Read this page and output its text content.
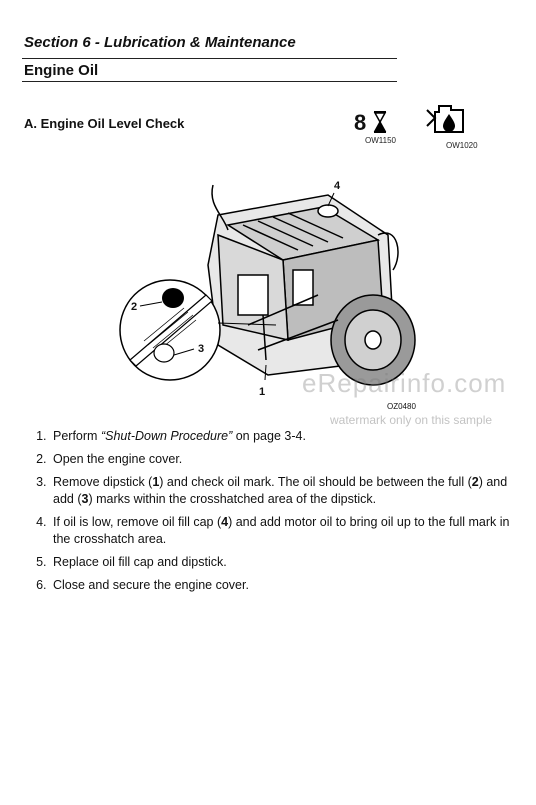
Section 6 - Lubrication & Maintenance
Engine Oil
A. Engine Oil Level Check	8
OW1150
OW1020
4
2
3
1
OZ0480
eRepairinfo.com
watermark only on this sample
1. Perform “Shut-Down Procedure” on page 3-4.
2. Open the engine cover.
3. Remove dipstick (1) and check oil mark. The oil should be between the full (2) and add (3) marks within the crosshatched area of the dipstick.
4. If oil is low, remove oil fill cap (4) and add motor oil to bring oil up to the full mark in the crosshatch area.
5. Replace oil fill cap and dipstick.
6. Close and secure the engine cover.
